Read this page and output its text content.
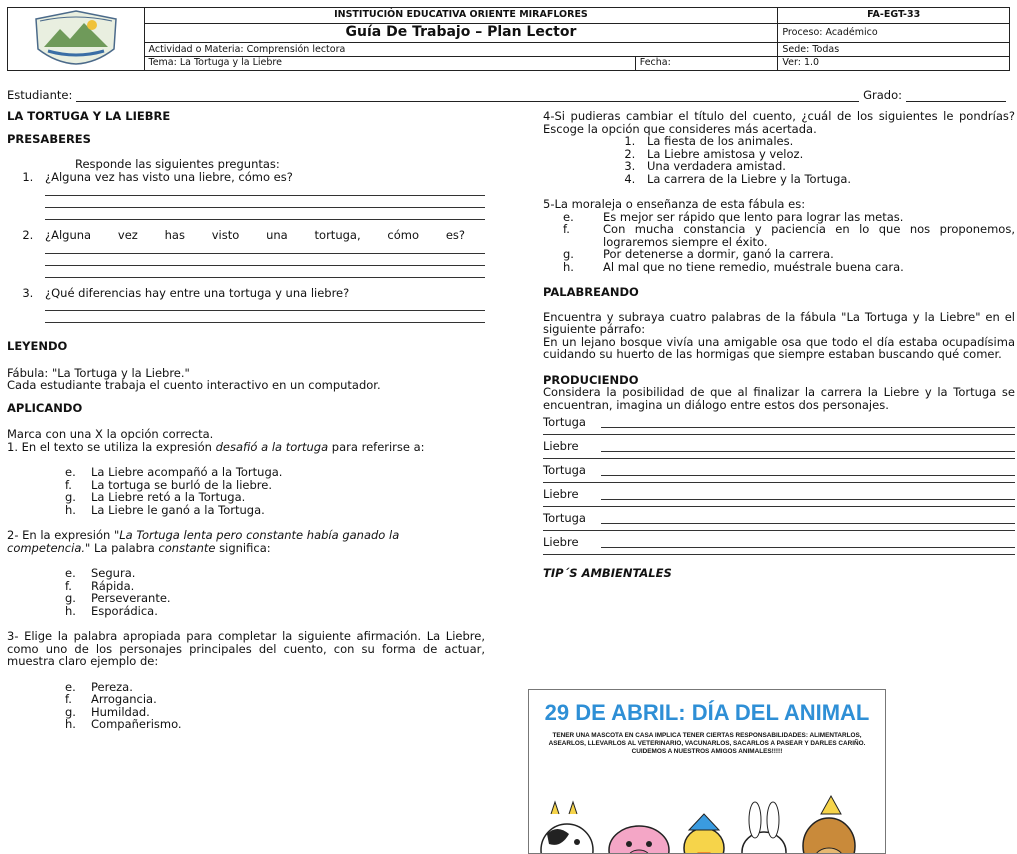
	INSTITUCIÓN EDUCATIVA ORIENTE MIRAFLORES		FA-EGT-33
	Guía De Trabajo – Plan Lector		Proceso: Académico
	Actividad o Materia: Comprensión lectora		Sede: Todas
	Tema: La Tortuga y la Liebre	Fecha:	Ver: 1.0
Estudiante:	Grado:

LA TORTUGA Y LA LIEBRE

PRESABERES

Responde las siguientes preguntas:

1. ¿Alguna vez has visto una liebre, cómo es?
2. ¿Alguna vez has visto una tortuga, cómo es?
3. ¿Qué diferencias hay entre una tortuga y una liebre?

LEYENDO

Fábula: "La Tortuga y la Liebre."

Cada estudiante trabaja el cuento interactivo en un computador.

APLICANDO

Marca con una X la opción correcta.

1. En el texto se utiliza la expresión desafió a la tortuga para referirse a:

e. La Liebre acompañó a la Tortuga.
f.	La tortuga se burló de la liebre.
g. La Liebre retó a la Tortuga.
h. La Liebre le ganó a la Tortuga.

2- En la expresión "La Tortuga lenta pero constante había ganado la competencia." La palabra constante significa:

e. Segura.
f.	Rápida.
g. Perseverante.
h. Esporádica.

3- Elige la palabra apropiada para completar la siguiente afirmación. La Liebre, como uno de los personajes principales del cuento, con su forma de actuar, muestra claro ejemplo de:

e. Pereza.
f.	Arrogancia.
g. Humildad.
h. Compañerismo.

4-Si pudieras cambiar el título del cuento, ¿cuál de los siguientes le pondrías? Escoge la opción que consideres más acertada.

1. La fiesta de los animales.
2. La Liebre amistosa y veloz.
3. Una verdadera amistad.
4. La carrera de la Liebre y la Tortuga.

5-La moraleja o enseñanza de esta fábula es:

e.	Es mejor ser rápido que lento para lograr las metas.
f.	Con mucha constancia y paciencia en lo que nos proponemos, lograremos siempre el éxito.
g.	Por detenerse a dormir, ganó la carrera.
h.	Al mal que no tiene remedio, muéstrale buena cara.

PALABREANDO

Encuentra y subraya cuatro palabras de la fábula "La Tortuga y la Liebre" en el siguiente párrafo:

En un lejano bosque vivía una amigable osa que todo el día estaba ocupadísima cuidando su huerto de las hormigas que siempre estaban buscando qué comer.

PRODUCIENDO

Considera la posibilidad de que al finalizar la carrera la Liebre y la Tortuga se encuentran, imagina un diálogo entre estos dos personajes.

Tortuga
Liebre
Tortuga
Liebre
Tortuga
Liebre

TIP´S AMBIENTALES

29 DE ABRIL: DÍA DEL ANIMAL
TENER UNA MASCOTA EN CASA IMPLICA TENER CIERTAS RESPONSABILIDADES: ALIMENTARLOS, ASEARLOS, LLEVARLOS AL VETERINARIO, VACUNARLOS, SACARLOS A PASEAR Y DARLES CARIÑO.
CUIDEMOS A NUESTROS AMIGOS ANIMALES!!!!!
